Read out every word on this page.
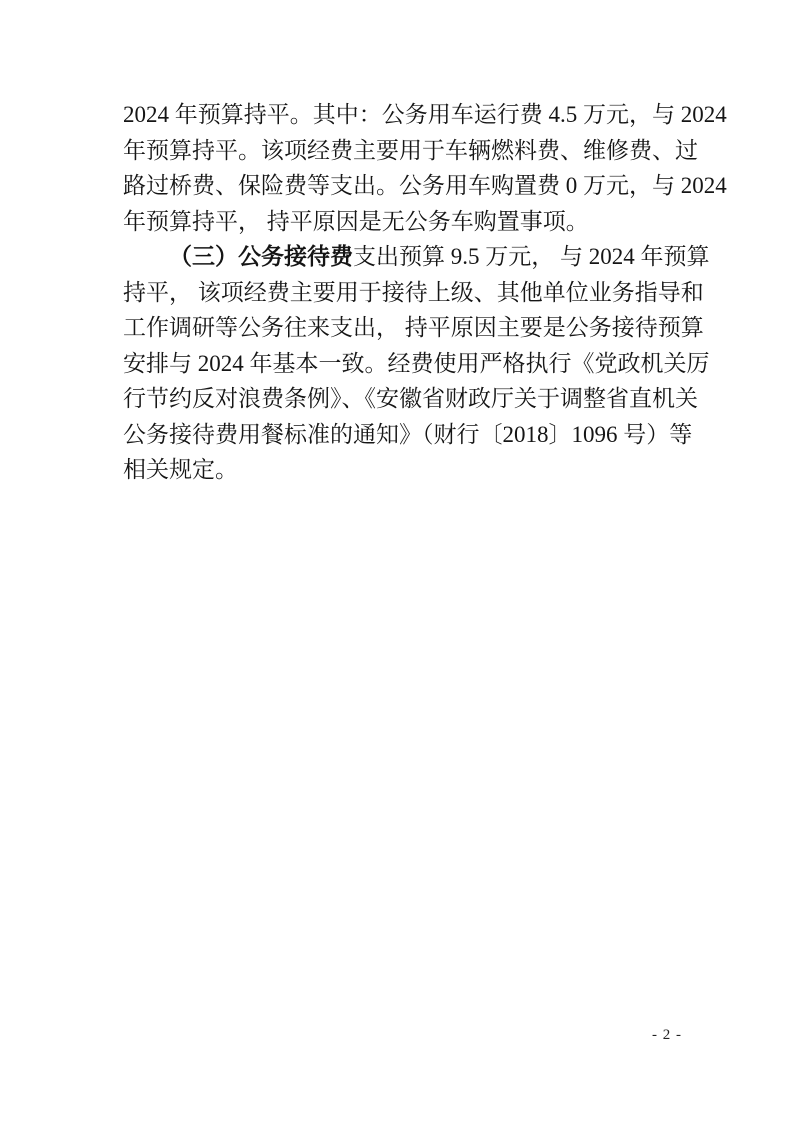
2024 年预算持平。其中：公务用车运行费 4.5 万元，与 2024
年预算持平。该项经费主要用于车辆燃料费、维修费、过
路过桥费、保险费等支出。公务用车购置费 0 万元，与 2024
年预算持平， 持平原因是无公务车购置事项。
（三）公务接待费支出预算 9.5 万元， 与 2024 年预算
持平， 该项经费主要用于接待上级、其他单位业务指导和
工作调研等公务往来支出， 持平原因主要是公务接待预算
安排与 2024 年基本一致。经费使用严格执行《党政机关厉
行节约反对浪费条例》、《安徽省财政厅关于调整省直机关
公务接待费用餐标准的通知》（财行〔2018〕1096 号）等
相关规定。
- 2 -
